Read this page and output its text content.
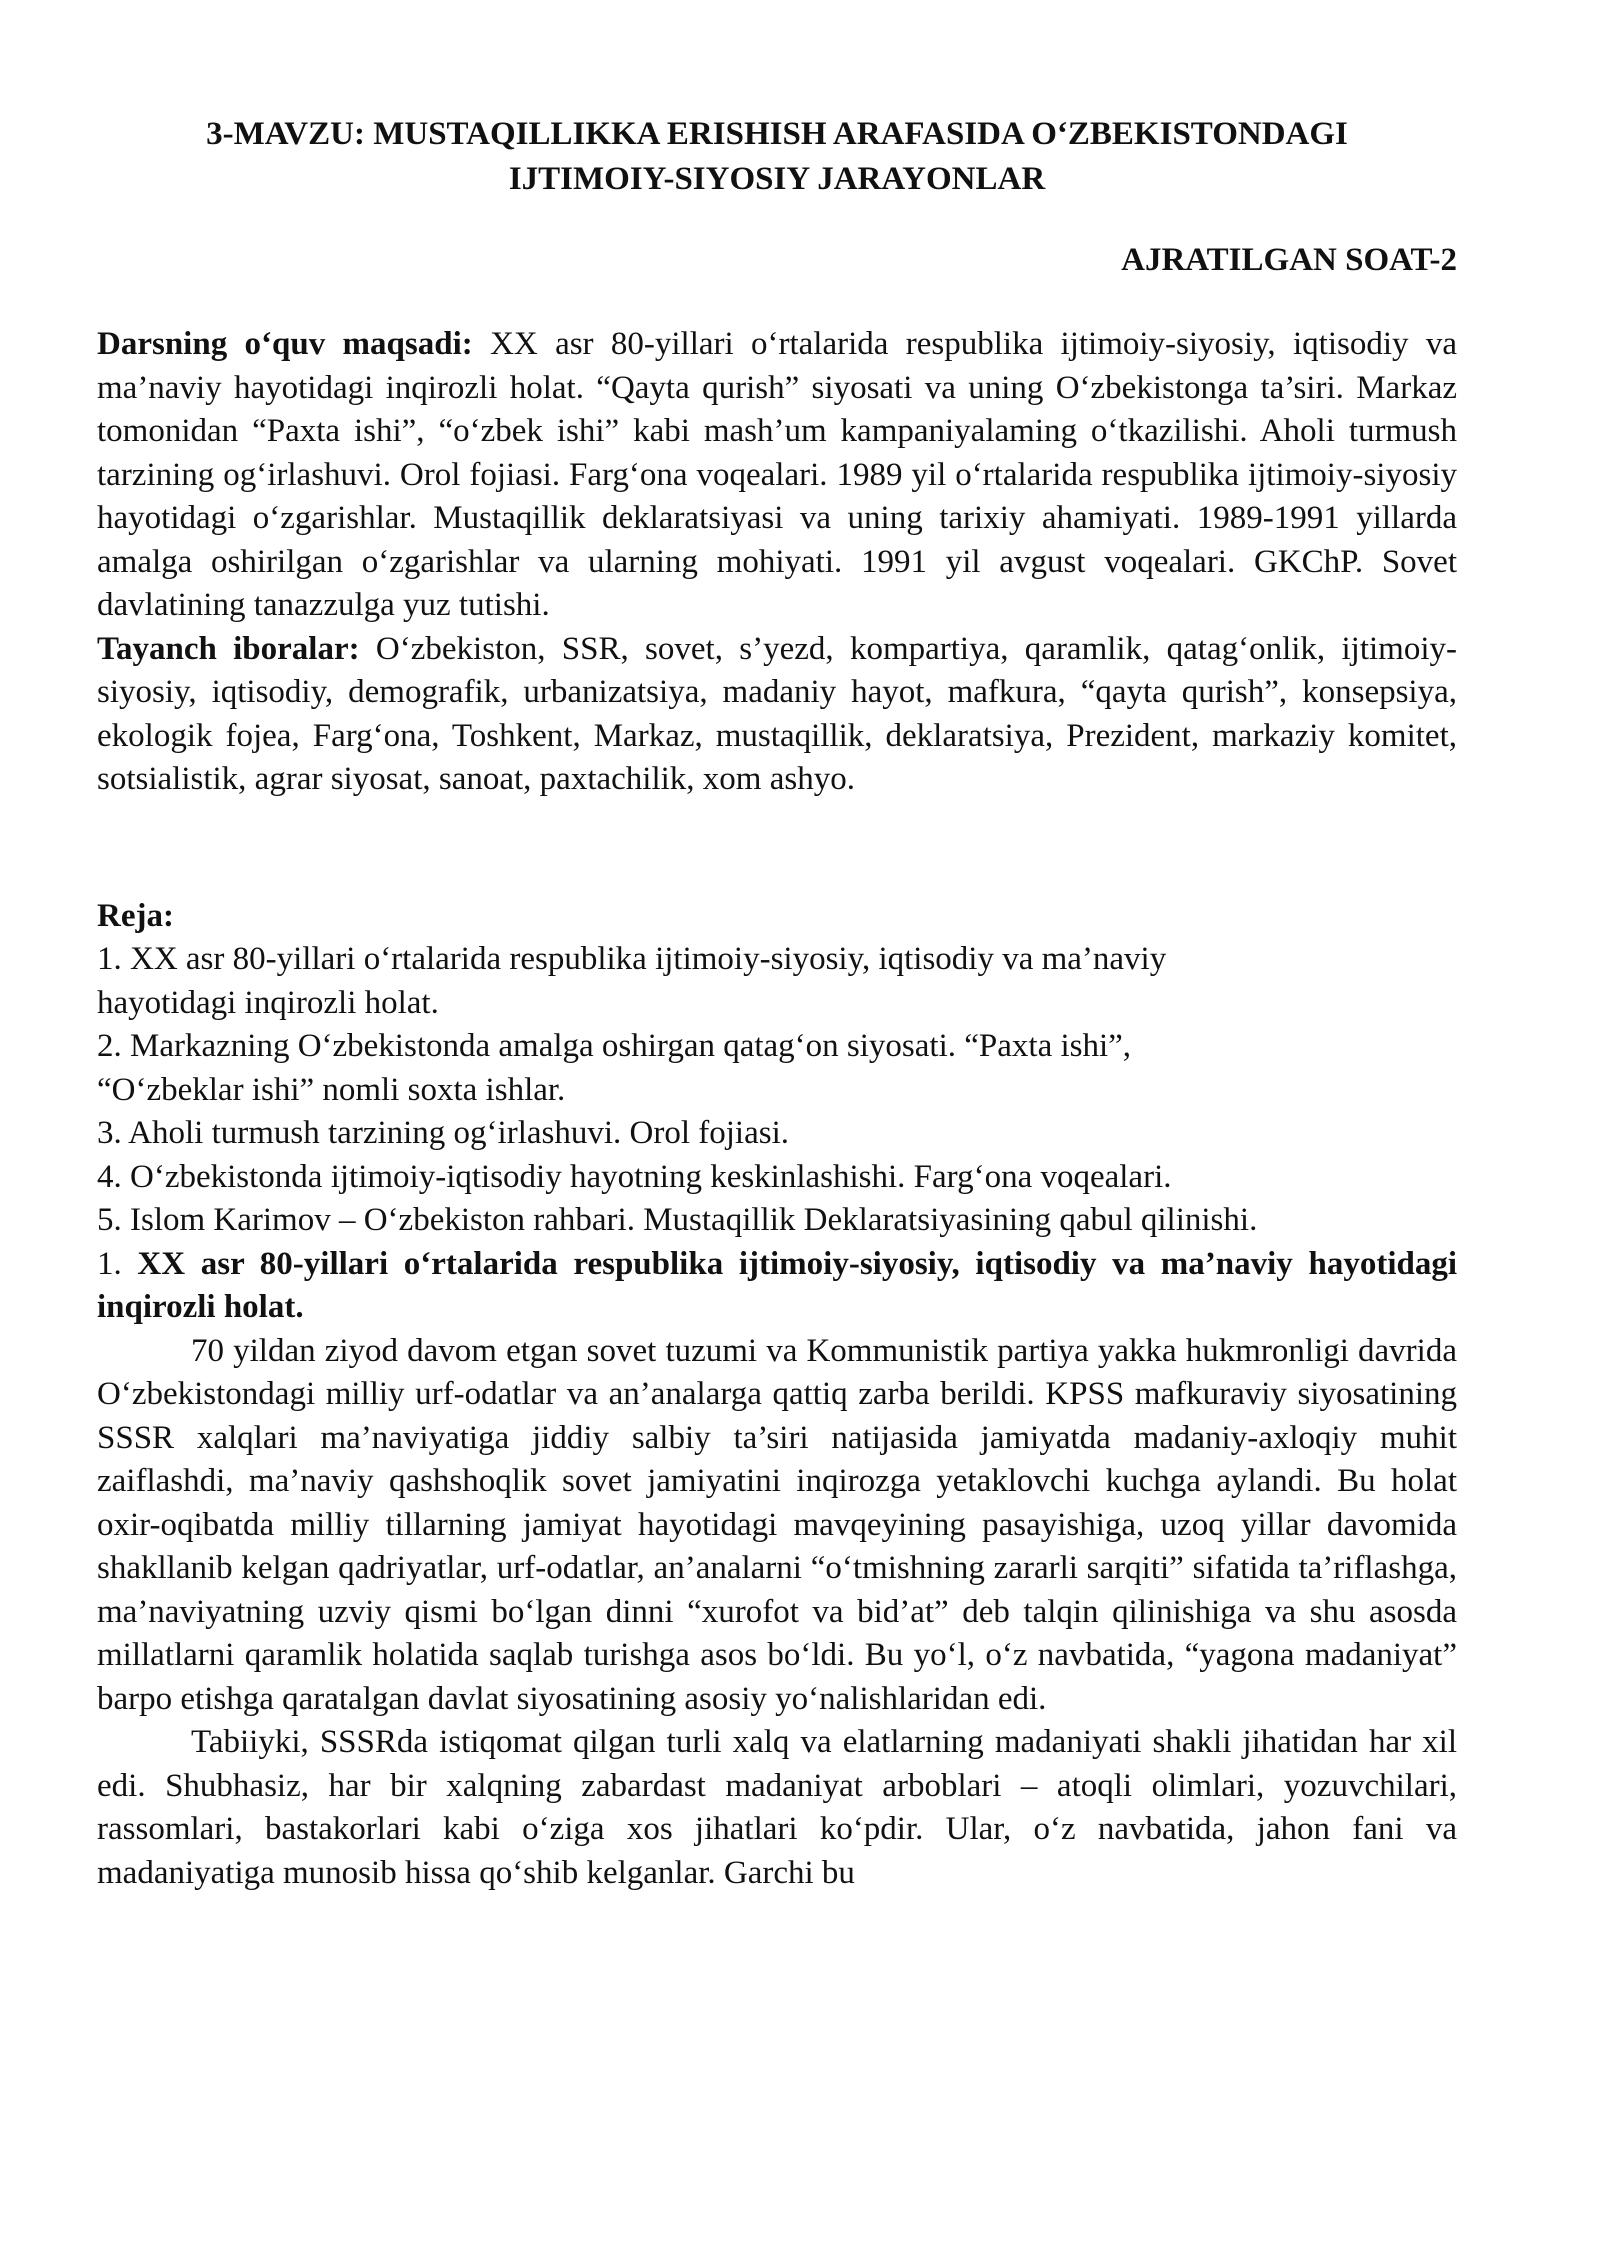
3-MAVZU: MUSTAQILLIKKA ERISHISH ARAFASIDA O‘ZBEKISTONDAGI
IJTIMOIY-SIYOSIY JARAYONLAR
AJRATILGAN SOAT-2

Darsning o‘quv maqsadi: XX asr 80-yillari o‘rtalarida respublika ijtimoiy-siyosiy, iqtisodiy va ma’naviy hayotidagi inqirozli holat. “Qayta qurish” siyosati va uning O‘zbekistonga ta’siri. Markaz tomonidan “Paxta ishi”, “o‘zbek ishi” kabi mash’um kampaniyalaming o‘tkazilishi. Aholi turmush tarzining og‘irlashuvi. Orol fojiasi. Farg‘ona voqealari. 1989 yil o‘rtalarida respublika ijtimoiy-siyosiy hayotidagi o‘zgarishlar. Mustaqillik deklaratsiyasi va uning tarixiy ahamiyati. 1989-1991 yillarda amalga oshirilgan o‘zgarishlar va ularning mohiyati. 1991 yil avgust voqealari. GKChP. Sovet davlatining tanazzulga yuz tutishi.

Tayanch iboralar: O‘zbekiston, SSR, sovet, s’yezd, kompartiya, qaramlik, qatag‘onlik, ijtimoiy-siyosiy, iqtisodiy, demografik, urbanizatsiya, madaniy hayot, mafkura, “qayta qurish”, konsepsiya, ekologik fojea, Farg‘ona, Toshkent, Markaz, mustaqillik, deklaratsiya, Prezident, markaziy komitet, sotsialistik, agrar siyosat, sanoat, paxtachilik, xom ashyo.

Reja:
1. XX asr 80-yillari o‘rtalarida respublika ijtimoiy-siyosiy, iqtisodiy va ma’naviy
hayotidagi inqirozli holat.
2. Markazning O‘zbekistonda amalga oshirgan qatag‘on siyosati. “Paxta ishi”,
“O‘zbeklar ishi” nomli soxta ishlar.
3. Aholi turmush tarzining og‘irlashuvi. Orol fojiasi.
4. O‘zbekistonda ijtimoiy-iqtisodiy hayotning keskinlashishi. Farg‘ona voqealari.
5. Islom Karimov – O‘zbekiston rahbari. Mustaqillik Deklaratsiyasining qabul qilinishi.
1. XX asr 80-yillari o‘rtalarida respublika ijtimoiy-siyosiy, iqtisodiy va ma’naviy hayotidagi inqirozli holat.

70 yildan ziyod davom etgan sovet tuzumi va Kommunistik partiya yakka hukmronligi davrida O‘zbekistondagi milliy urf-odatlar va an’analarga qattiq zarba berildi. KPSS mafkuraviy siyosatining SSSR xalqlari ma’naviyatiga jiddiy salbiy ta’siri natijasida jamiyatda madaniy-axloqiy muhit zaiflashdi, ma’naviy qashshoqlik sovet jamiyatini inqirozga yetaklovchi kuchga aylandi. Bu holat oxir-oqibatda milliy tillarning jamiyat hayotidagi mavqeyining pasayishiga, uzoq yillar davomida shakllanib kelgan qadriyatlar, urf-odatlar, an’analarni “o‘tmishning zararli sarqiti” sifatida ta’riflashga, ma’naviyatning uzviy qismi bo‘lgan dinni “xurofot va bid’at” deb talqin qilinishiga va shu asosda millatlarni qaramlik holatida saqlab turishga asos bo‘ldi. Bu yo‘l, o‘z navbatida, “yagona madaniyat” barpo etishga qaratalgan davlat siyosatining asosiy yo‘nalishlaridan edi.

Tabiiyki, SSSRda istiqomat qilgan turli xalq va elatlarning madaniyati shakli jihatidan har xil edi. Shubhasiz, har bir xalqning zabardast madaniyat arboblari – atoqli olimlari, yozuvchilari, rassomlari, bastakorlari kabi o‘ziga xos jihatlari ko‘pdir. Ular, o‘z navbatida, jahon fani va madaniyatiga munosib hissa qo‘shib kelganlar. Garchi bu
